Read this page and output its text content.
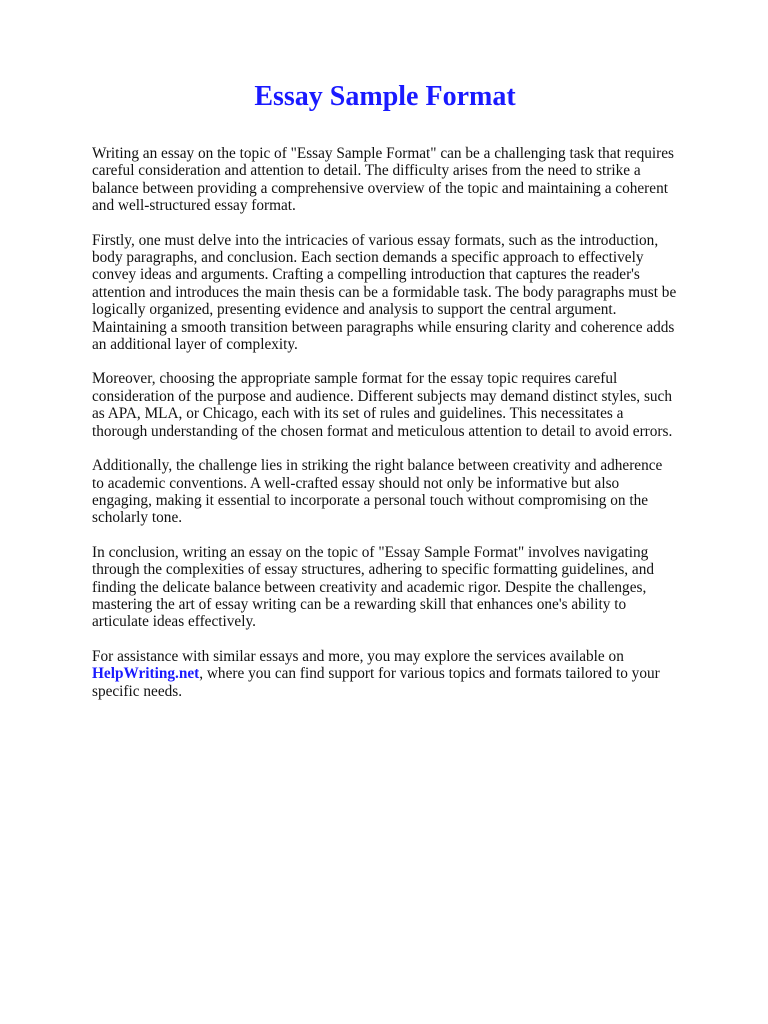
Essay Sample Format

Writing an essay on the topic of "Essay Sample Format" can be a challenging task that requires careful consideration and attention to detail. The difficulty arises from the need to strike a balance between providing a comprehensive overview of the topic and maintaining a coherent and well-structured essay format.

Firstly, one must delve into the intricacies of various essay formats, such as the introduction, body paragraphs, and conclusion. Each section demands a specific approach to effectively convey ideas and arguments. Crafting a compelling introduction that captures the reader's attention and introduces the main thesis can be a formidable task. The body paragraphs must be logically organized, presenting evidence and analysis to support the central argument. Maintaining a smooth transition between paragraphs while ensuring clarity and coherence adds an additional layer of complexity.

Moreover, choosing the appropriate sample format for the essay topic requires careful consideration of the purpose and audience. Different subjects may demand distinct styles, such as APA, MLA, or Chicago, each with its set of rules and guidelines. This necessitates a thorough understanding of the chosen format and meticulous attention to detail to avoid errors.

Additionally, the challenge lies in striking the right balance between creativity and adherence to academic conventions. A well-crafted essay should not only be informative but also engaging, making it essential to incorporate a personal touch without compromising on the scholarly tone.

In conclusion, writing an essay on the topic of "Essay Sample Format" involves navigating through the complexities of essay structures, adhering to specific formatting guidelines, and finding the delicate balance between creativity and academic rigor. Despite the challenges, mastering the art of essay writing can be a rewarding skill that enhances one's ability to articulate ideas effectively.

For assistance with similar essays and more, you may explore the services available on HelpWriting.net, where you can find support for various topics and formats tailored to your specific needs.
